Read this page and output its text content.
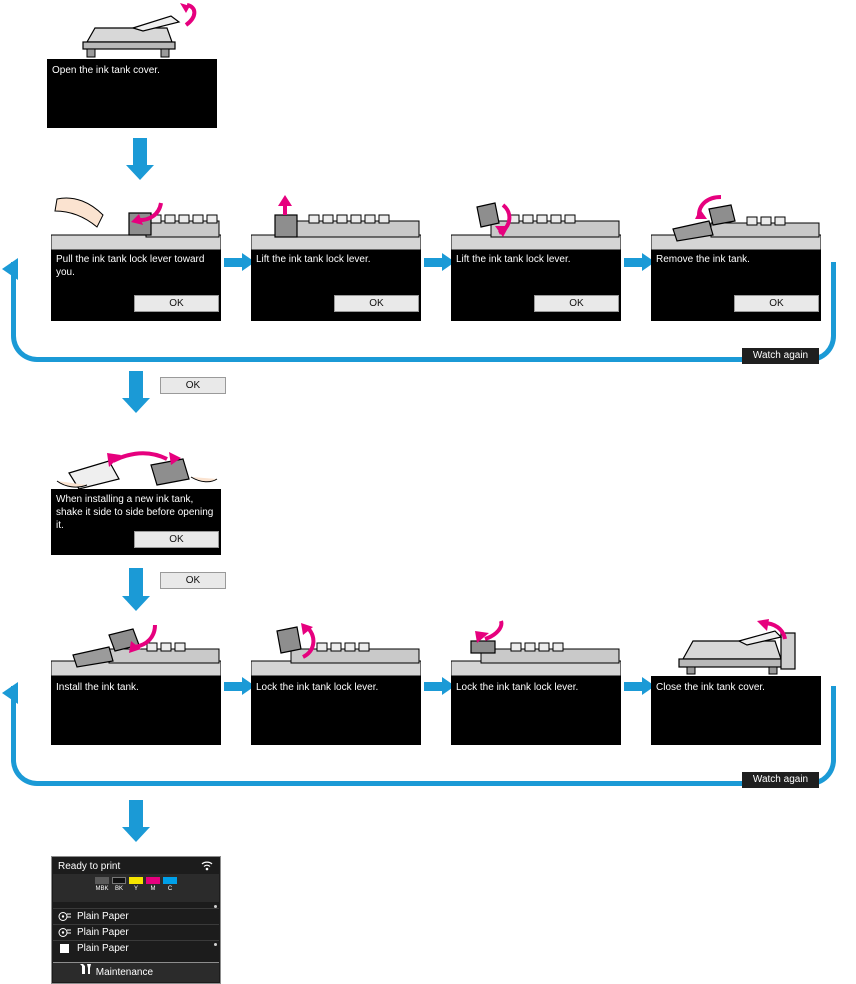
Open the ink tank cover.
Pull the ink tank lock lever toward you.
OK
Lift the ink tank lock lever.
OK
Lift the ink tank lock lever.
OK
Remove the ink tank.
OK
Watch again
OK
When installing a new ink tank, shake it side to side before opening it.
OK
OK
Install the ink tank.	Lock the ink tank lock lever.	Lock the ink tank lock lever.	Close the ink tank cover.
Watch again
Ready to print
MBK	BK	Y	M	C
Plain Paper
Plain Paper
Plain Paper
Maintenance
